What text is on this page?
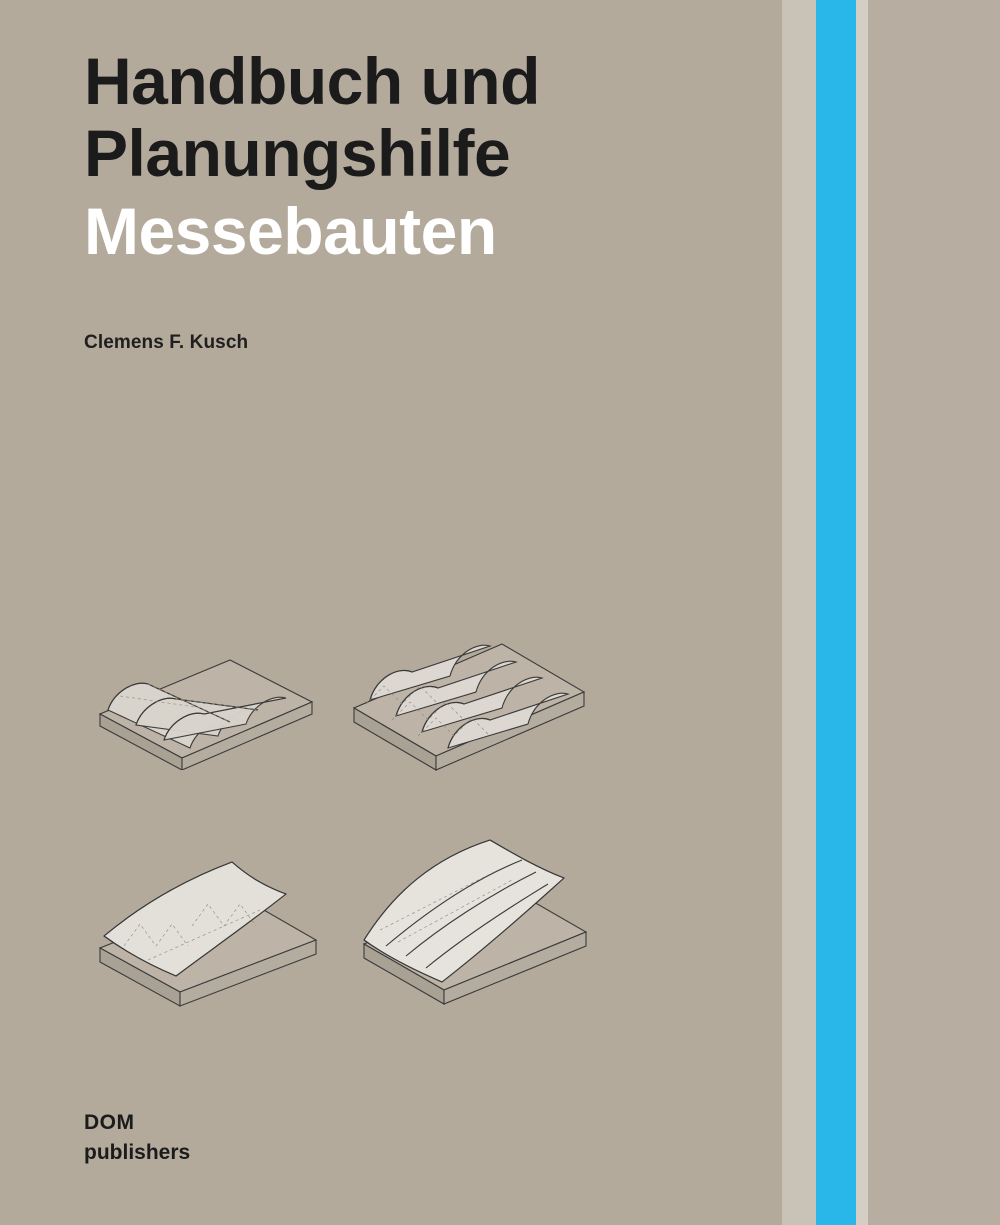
Handbuch und
Planungshilfe
Messebauten
Clemens F. Kusch
DOM
publishers
